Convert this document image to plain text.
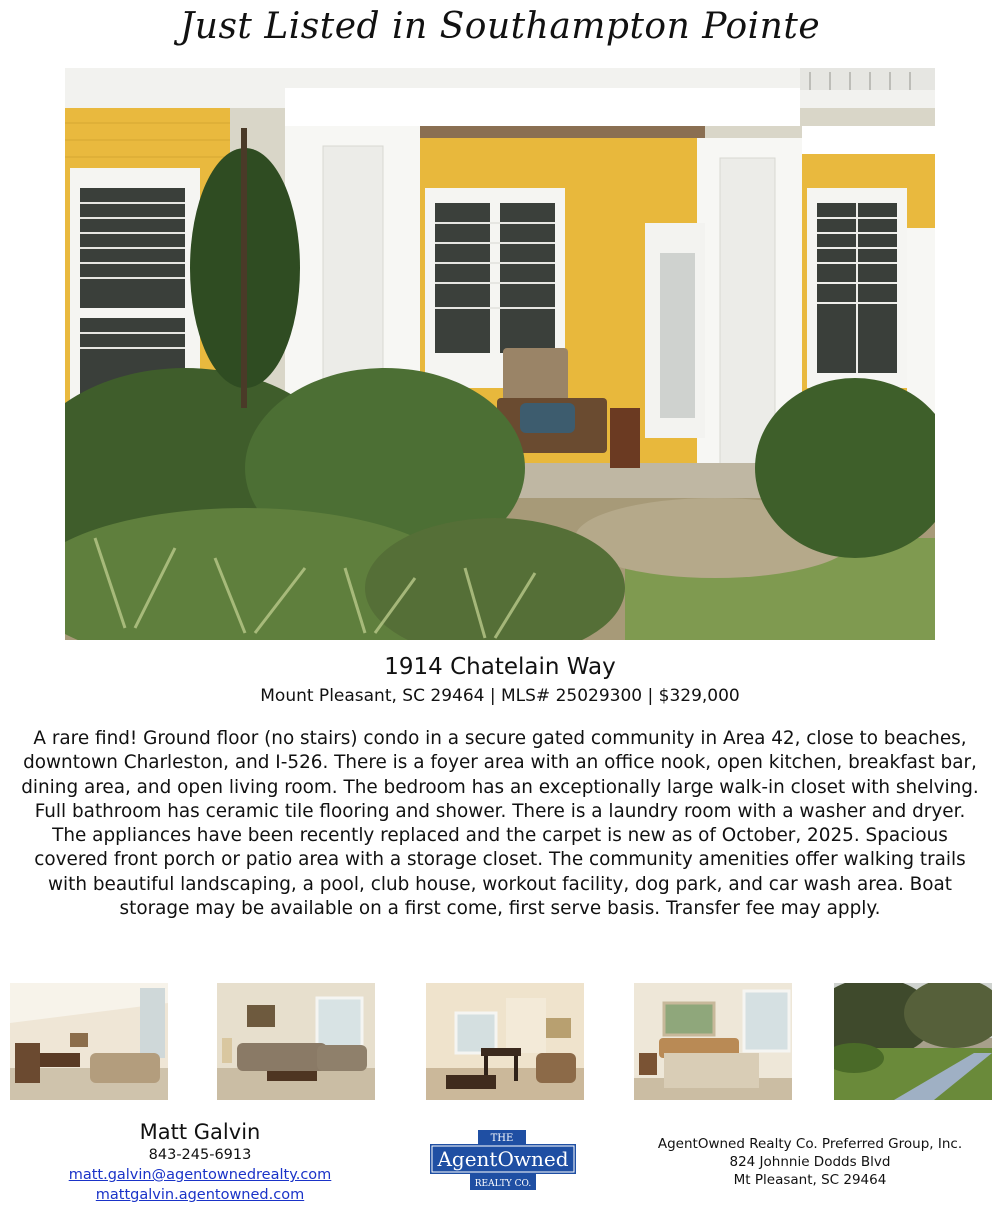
Just Listed in Southampton Pointe
1914 Chatelain Way
Mount Pleasant, SC 29464 | MLS# 25029300 | $329,000
A rare find! Ground floor (no stairs) condo in a secure gated community in Area 42, close to beaches, downtown Charleston, and I-526. There is a foyer area with an office nook, open kitchen, breakfast bar, dining area, and open living room. The bedroom has an exceptionally large walk-in closet with shelving. Full bathroom has ceramic tile flooring and shower. There is a laundry room with a washer and dryer. The appliances have been recently replaced and the carpet is new as of October, 2025. Spacious covered front porch or patio area with a storage closet. The community amenities offer walking trails with beautiful landscaping, a pool, club house, workout facility, dog park, and car wash area. Boat storage may be available on a first come, first serve basis. Transfer fee may apply.
Matt Galvin
843-245-6913
matt.galvin@agentownedrealty.com
mattgalvin.agentowned.com
THE
AgentOwned
REALTY CO.
AgentOwned Realty Co. Preferred Group, Inc.
824 Johnnie Dodds Blvd
Mt Pleasant, SC 29464
